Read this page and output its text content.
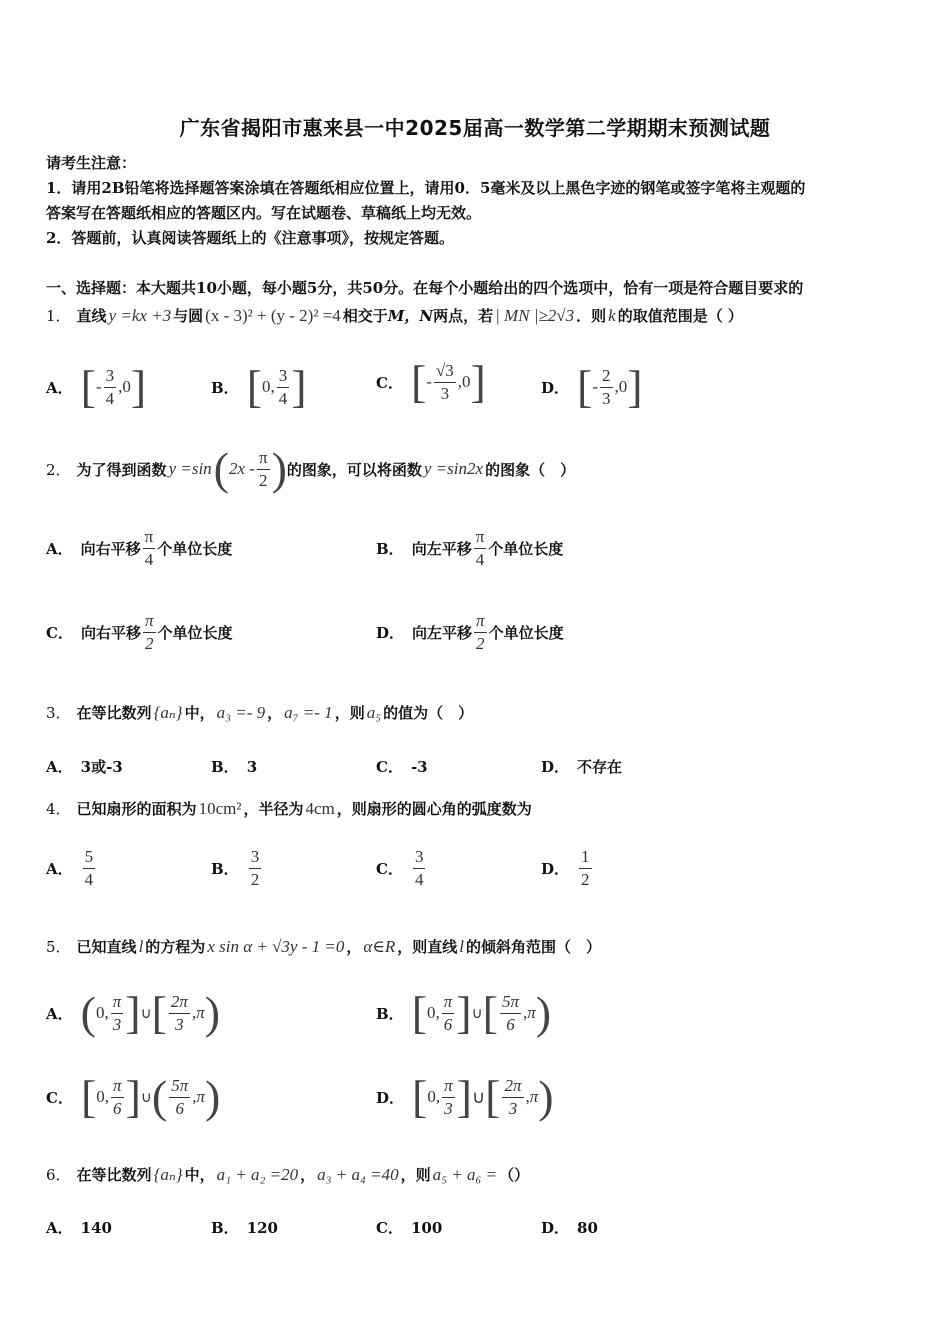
广东省揭阳市惠来县一中2025届高一数学第二学期期末预测试题
请考生注意：
1．请用2B铅笔将选择题答案涂填在答题纸相应位置上，请用0．5毫米及以上黑色字迹的钢笔或签字笔将主观题的
答案写在答题纸相应的答题区内。写在试题卷、草稿纸上均无效。
2．答题前，认真阅读答题纸上的《注意事项》，按规定答题。
一、选择题：本大题共10小题，每小题5分，共50分。在每个小题给出的四个选项中，恰有一项是符合题目要求的
1． 直线 y =kx +3 与圆 (x - 3)² + (y - 2)² =4 相交于 M，N 两点，若 | MN |≥2√3 ．则 k 的取值范围是（ ）
A． [ - $\frac{3}{4} ,0$ ]	B． [ 0, $\frac{3}{4}$ ]	C． [ - $\frac{√3}{3} ,0$ ]	D． [ - $\frac{2}{3} ,0$ ]
2． 为了得到函数 y =sin ( $2x - \frac{\pi}{2}$ ) 的图象，可以将函数 y =sin2x 的图象（　）
A． 向右平移 $\frac{\pi}{4}$ 个单位长度	B． 向左平移 $\frac{\pi}{4}$ 个单位长度
C． 向右平移 $\frac{\pi}{2}$ 个单位长度	D． 向左平移 $\frac{\pi}{2}$ 个单位长度
3． 在等比数列 {aₙ} 中， a₃ =- 9 ， a₇ =- 1 ，则 a₅ 的值为（　）
A． 3或-3	B． 3	C． -3	D． 不存在
4． 已知扇形的面积为 10cm² ，半径为 4cm ，则扇形的圆心角的弧度数为
A． $\frac{5}{4}$	B． $\frac{3}{2}$	C． $\frac{3}{4}$	D． $\frac{1}{2}$
5． 已知直线 l 的方程为 x sin α + √3y - 1 =0 ， α∈R ，则直线 l 的倾斜角范围（　）
A． ( 0, $\frac{\pi}{3}$ ] ∪ [ $\frac{2\pi}{3} ,\pi$ )	B． [ 0, $\frac{\pi}{6}$ ] ∪ [ $\frac{5\pi}{6} ,\pi$ )
C． [ 0, $\frac{\pi}{6}$ ] ∪ ( $\frac{5\pi}{6} ,\pi$ )	D． [ 0, $\frac{\pi}{3}$ ] ∪ [ $\frac{2\pi}{3} ,\pi$ )
6． 在等比数列 {aₙ} 中， a₁ + a₂ =20 ， a₃ + a₄ =40 ，则 a₅ + a₆ = （）
A． 140	B． 120	C． 100	D． 80
